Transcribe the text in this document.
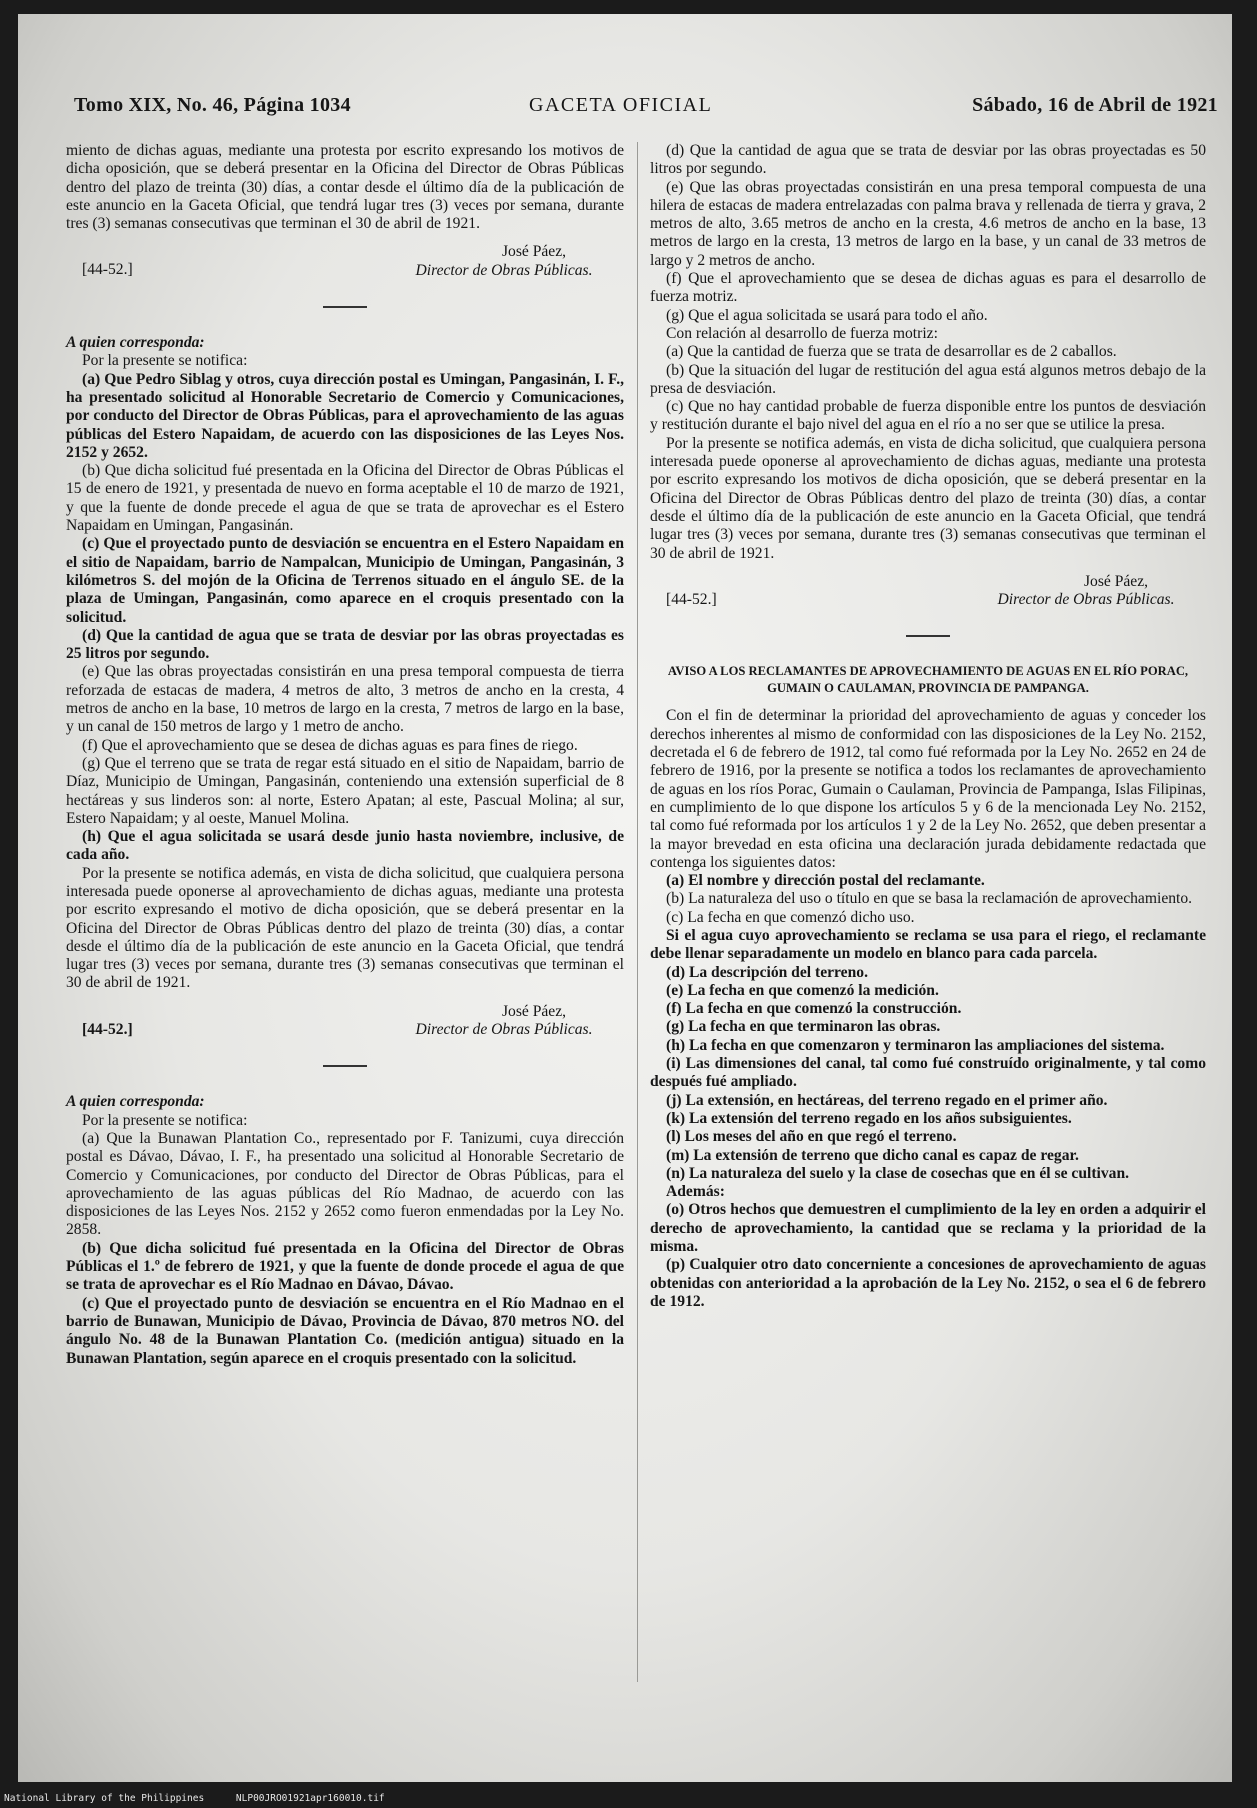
Tomo XIX, No. 46, Página 1034	GACETA OFICIAL	Sábado, 16 de Abril de 1921

miento de dichas aguas, mediante una protesta por escrito expresando los motivos de dicha oposición, que se deberá presentar en la Oficina del Director de Obras Públicas dentro del plazo de treinta (30) días, a contar desde el último día de la publicación de este anuncio en la Gaceta Oficial, que tendrá lugar tres (3) veces por semana, durante tres (3) semanas consecutivas que terminan el 30 de abril de 1921.

[44-52.]
José Páez,
Director de Obras Públicas.

A quien corresponda:

Por la presente se notifica:

(a) Que Pedro Siblag y otros, cuya dirección postal es Umingan, Pangasinán, I. F., ha presentado solicitud al Honorable Secretario de Comercio y Comunicaciones, por conducto del Director de Obras Públicas, para el aprovechamiento de las aguas públicas del Estero Napaidam, de acuerdo con las disposiciones de las Leyes Nos. 2152 y 2652.

(b) Que dicha solicitud fué presentada en la Oficina del Director de Obras Públicas el 15 de enero de 1921, y presentada de nuevo en forma aceptable el 10 de marzo de 1921, y que la fuente de donde precede el agua de que se trata de aprovechar es el Estero Napaidam en Umingan, Pangasinán.

(c) Que el proyectado punto de desviación se encuentra en el Estero Napaidam en el sitio de Napaidam, barrio de Nampalcan, Municipio de Umingan, Pangasinán, 3 kilómetros S. del mojón de la Oficina de Terrenos situado en el ángulo SE. de la plaza de Umingan, Pangasinán, como aparece en el croquis presentado con la solicitud.

(d) Que la cantidad de agua que se trata de desviar por las obras proyectadas es 25 litros por segundo.

(e) Que las obras proyectadas consistirán en una presa temporal compuesta de tierra reforzada de estacas de madera, 4 metros de alto, 3 metros de ancho en la cresta, 4 metros de ancho en la base, 10 metros de largo en la cresta, 7 metros de largo en la base, y un canal de 150 metros de largo y 1 metro de ancho.

(f) Que el aprovechamiento que se desea de dichas aguas es para fines de riego.

(g) Que el terreno que se trata de regar está situado en el sitio de Napaidam, barrio de Díaz, Municipio de Umingan, Pangasinán, conteniendo una extensión superficial de 8 hectáreas y sus linderos son: al norte, Estero Apatan; al este, Pascual Molina; al sur, Estero Napaidam; y al oeste, Manuel Molina.

(h) Que el agua solicitada se usará desde junio hasta noviembre, inclusive, de cada año.

Por la presente se notifica además, en vista de dicha solicitud, que cualquiera persona interesada puede oponerse al aprovechamiento de dichas aguas, mediante una protesta por escrito expresando el motivo de dicha oposición, que se deberá presentar en la Oficina del Director de Obras Públicas dentro del plazo de treinta (30) días, a contar desde el último día de la publicación de este anuncio en la Gaceta Oficial, que tendrá lugar tres (3) veces por semana, durante tres (3) semanas consecutivas que terminan el 30 de abril de 1921.

[44-52.]
José Páez,
Director de Obras Públicas.

A quien corresponda:

Por la presente se notifica:

(a) Que la Bunawan Plantation Co., representado por F. Tanizumi, cuya dirección postal es Dávao, Dávao, I. F., ha presentado una solicitud al Honorable Secretario de Comercio y Comunicaciones, por conducto del Director de Obras Públicas, para el aprovechamiento de las aguas públicas del Río Madnao, de acuerdo con las disposiciones de las Leyes Nos. 2152 y 2652 como fueron enmendadas por la Ley No. 2858.

(b) Que dicha solicitud fué presentada en la Oficina del Director de Obras Públicas el 1.º de febrero de 1921, y que la fuente de donde procede el agua de que se trata de aprovechar es el Río Madnao en Dávao, Dávao.

(c) Que el proyectado punto de desviación se encuentra en el Río Madnao en el barrio de Bunawan, Municipio de Dávao, Provincia de Dávao, 870 metros NO. del ángulo No. 48 de la Bunawan Plantation Co. (medición antigua) situado en la Bunawan Plantation, según aparece en el croquis presentado con la solicitud.

(d) Que la cantidad de agua que se trata de desviar por las obras proyectadas es 50 litros por segundo.

(e) Que las obras proyectadas consistirán en una presa temporal compuesta de una hilera de estacas de madera entrelazadas con palma brava y rellenada de tierra y grava, 2 metros de alto, 3.65 metros de ancho en la cresta, 4.6 metros de ancho en la base, 13 metros de largo en la cresta, 13 metros de largo en la base, y un canal de 33 metros de largo y 2 metros de ancho.

(f) Que el aprovechamiento que se desea de dichas aguas es para el desarrollo de fuerza motriz.

(g) Que el agua solicitada se usará para todo el año.

Con relación al desarrollo de fuerza motriz:

(a) Que la cantidad de fuerza que se trata de desarrollar es de 2 caballos.

(b) Que la situación del lugar de restitución del agua está algunos metros debajo de la presa de desviación.

(c) Que no hay cantidad probable de fuerza disponible entre los puntos de desviación y restitución durante el bajo nivel del agua en el río a no ser que se utilice la presa.

Por la presente se notifica además, en vista de dicha solicitud, que cualquiera persona interesada puede oponerse al aprovechamiento de dichas aguas, mediante una protesta por escrito expresando los motivos de dicha oposición, que se deberá presentar en la Oficina del Director de Obras Públicas dentro del plazo de treinta (30) días, a contar desde el último día de la publicación de este anuncio en la Gaceta Oficial, que tendrá lugar tres (3) veces por semana, durante tres (3) semanas consecutivas que terminan el 30 de abril de 1921.

[44-52.]
José Páez,
Director de Obras Públicas.

AVISO A LOS RECLAMANTES DE APROVECHAMIENTO DE AGUAS EN EL RÍO PORAC, GUMAIN O CAULAMAN, PROVINCIA DE PAMPANGA.

Con el fin de determinar la prioridad del aprovechamiento de aguas y conceder los derechos inherentes al mismo de conformidad con las disposiciones de la Ley No. 2152, decretada el 6 de febrero de 1912, tal como fué reformada por la Ley No. 2652 en 24 de febrero de 1916, por la presente se notifica a todos los reclamantes de aprovechamiento de aguas en los ríos Porac, Gumain o Caulaman, Provincia de Pampanga, Islas Filipinas, en cumplimiento de lo que dispone los artículos 5 y 6 de la mencionada Ley No. 2152, tal como fué reformada por los artículos 1 y 2 de la Ley No. 2652, que deben presentar a la mayor brevedad en esta oficina una declaración jurada debidamente redactada que contenga los siguientes datos:

(a) El nombre y dirección postal del reclamante.

(b) La naturaleza del uso o título en que se basa la reclamación de aprovechamiento.

(c) La fecha en que comenzó dicho uso.

Si el agua cuyo aprovechamiento se reclama se usa para el riego, el reclamante debe llenar separadamente un modelo en blanco para cada parcela.

(d) La descripción del terreno.

(e) La fecha en que comenzó la medición.

(f) La fecha en que comenzó la construcción.

(g) La fecha en que terminaron las obras.

(h) La fecha en que comenzaron y terminaron las ampliaciones del sistema.

(i) Las dimensiones del canal, tal como fué construído originalmente, y tal como después fué ampliado.

(j) La extensión, en hectáreas, del terreno regado en el primer año.

(k) La extensión del terreno regado en los años subsiguientes.

(l) Los meses del año en que regó el terreno.

(m) La extensión de terreno que dicho canal es capaz de regar.

(n) La naturaleza del suelo y la clase de cosechas que en él se cultivan.

Además:

(o) Otros hechos que demuestren el cumplimiento de la ley en orden a adquirir el derecho de aprovechamiento, la cantidad que se reclama y la prioridad de la misma.

(p) Cualquier otro dato concerniente a concesiones de aprovechamiento de aguas obtenidas con anterioridad a la aprobación de la Ley No. 2152, o sea el 6 de febrero de 1912.

National Library of the Philippines	NLP00JRO01921apr160010.tif
